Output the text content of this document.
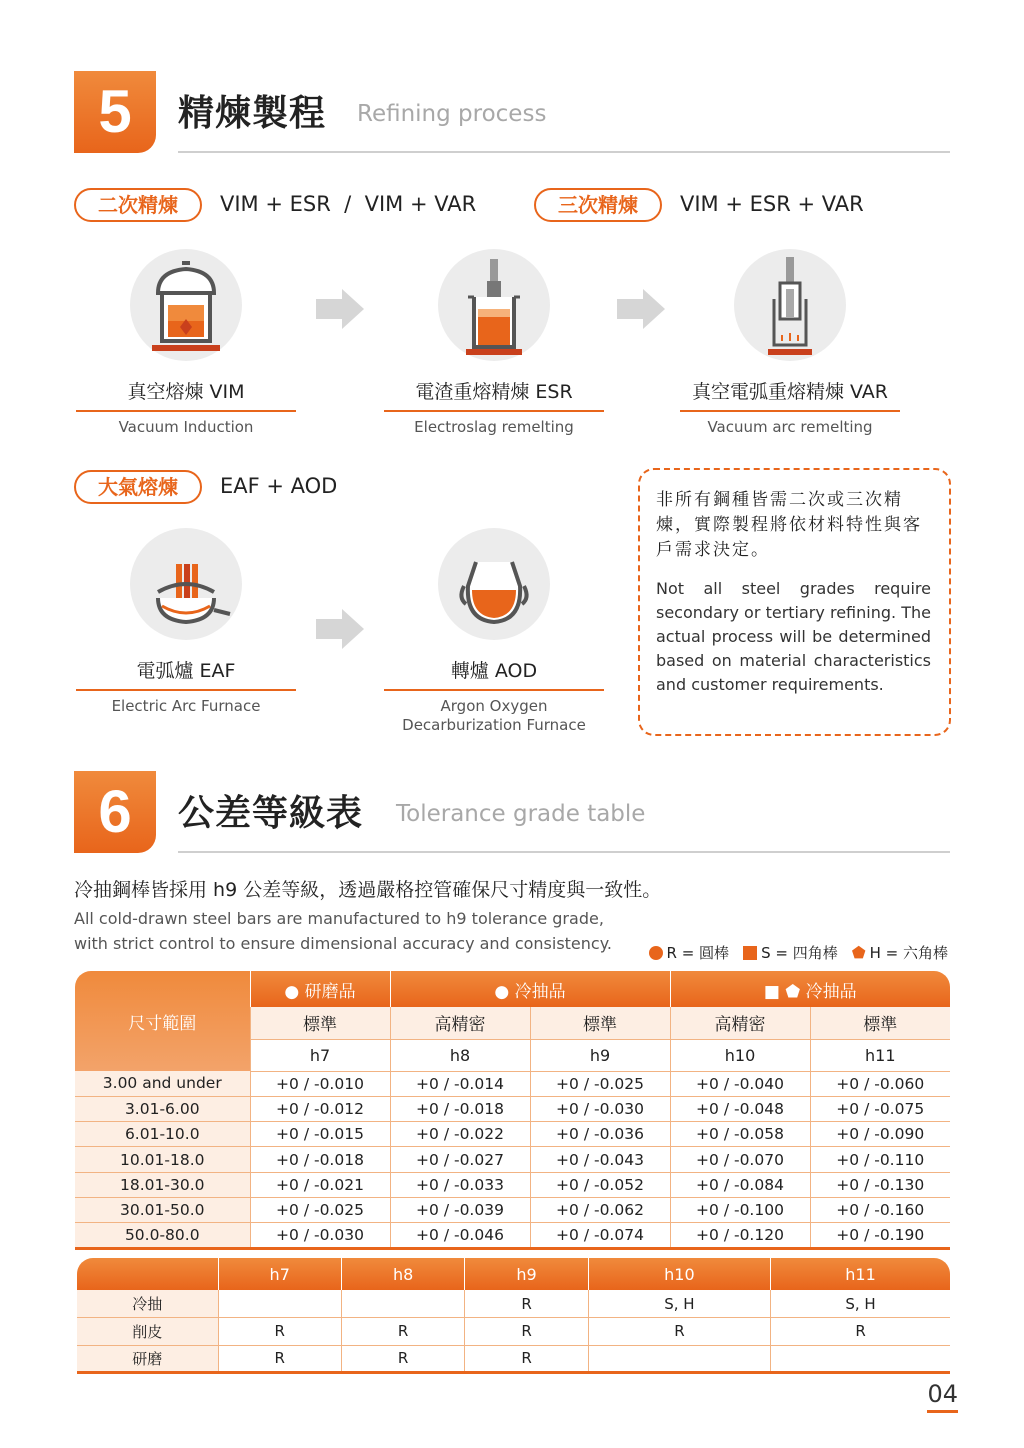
5	精煉製程 Refining process
二次精煉	VIM + ESR  /  VIM + VAR	三次精煉	VIM + ESR + VAR
真空熔煉 VIM
Vacuum Induction
電渣重熔精煉 ESR
Electroslag remelting
真空電弧重熔精煉 VAR
Vacuum arc remelting
大氣熔煉	EAF + AOD
電弧爐 EAF
Electric Arc Furnace
轉爐 AOD
Argon Oxygen
Decarburization Furnace
非所有鋼種皆需二次或三次精煉，實際製程將依材料特性與客戶需求決定。
Not all steel grades require secondary or tertiary refining. The actual process will be determined based on material characteristics and customer requirements.
6	公差等級表 Tolerance grade table
冷抽鋼棒皆採用 h9 公差等級，透過嚴格控管確保尺寸精度與一致性。
All cold-drawn steel bars are manufactured to h9 tolerance grade, with strict control to ensure dimensional accuracy and consistency.	R = 圓棒 S = 四角棒 ⬟ H = 六角棒
尺寸範圍	● 研磨品	● 冷抽品		■ ⬟ 冷抽品	
	標準	高精密	標準	高精密	標準
	h7	h8	h9	h10	h11
3.00 and under	+0 / -0.010	+0 / -0.014	+0 / -0.025	+0 / -0.040	+0 / -0.060
3.01-6.00	+0 / -0.012	+0 / -0.018	+0 / -0.030	+0 / -0.048	+0 / -0.075
6.01-10.0	+0 / -0.015	+0 / -0.022	+0 / -0.036	+0 / -0.058	+0 / -0.090
10.01-18.0	+0 / -0.018	+0 / -0.027	+0 / -0.043	+0 / -0.070	+0 / -0.110
18.01-30.0	+0 / -0.021	+0 / -0.033	+0 / -0.052	+0 / -0.084	+0 / -0.130
30.01-50.0	+0 / -0.025	+0 / -0.039	+0 / -0.062	+0 / -0.100	+0 / -0.160
50.0-80.0	+0 / -0.030	+0 / -0.046	+0 / -0.074	+0 / -0.120	+0 / -0.190
	h7	h8	h9	h10	h11
冷抽			R	S, H	S, H
削皮	R	R	R	R	R
研磨	R	R	R		
04
